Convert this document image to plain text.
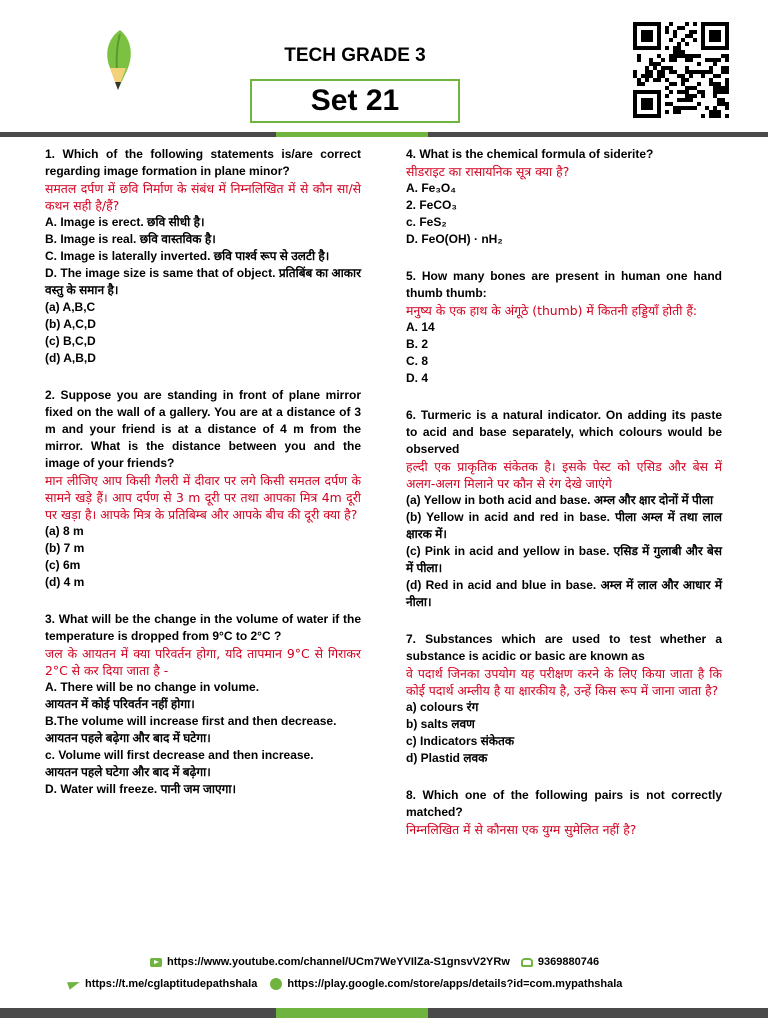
TECH GRADE 3
Set 21

1. Which of the following statements is/are correct regarding image formation in plane minor?

समतल दर्पण में छवि निर्माण के संबंध में निम्नलिखित में से कौन सा/से कथन सही है/हैं?

A. Image is erect. छवि सीधी है।

B. Image is real. छवि वास्तविक है।

C. Image is laterally inverted. छवि पार्श्व रूप से उलटी है।

D. The image size is same that of object. प्रतिबिंब का आकार वस्तु के समान है।

(a) A,B,C

(b) A,C,D

(c) B,C,D

(d) A,B,D

2. Suppose you are standing in front of plane mirror fixed on the wall of a gallery. You are at a distance of 3 m and your friend is at a distance of 4 m from the mirror. What is the distance between you and the image of your friends?

मान लीजिए आप किसी गैलरी में दीवार पर लगे किसी समतल दर्पण के सामने खड़े हैं। आप दर्पण से 3 m दूरी पर तथा आपका मित्र 4m दूरी पर खड़ा है। आपके मित्र के प्रतिबिम्ब और आपके बीच की दूरी क्या है?

(a) 8 m

(b) 7 m

(c) 6m

(d) 4 m

3. What will be the change in the volume of water if the temperature is dropped from 9°C to 2°C ?

जल के आयतन में क्या परिवर्तन होगा, यदि तापमान 9°C से गिराकर 2°C से कर दिया जाता है -

A. There will be no change in volume.

आयतन में कोई परिवर्तन नहीं होगा।

B.The volume will increase first and then decrease.

आयतन पहले बढ़ेगा और बाद में घटेगा।

c. Volume will first decrease and then increase.

आयतन पहले घटेगा और बाद में बढ़ेगा।

D. Water will freeze. पानी जम जाएगा।

4. What is the chemical formula of siderite?

सीडराइट का रासायनिक सूत्र क्या है?

A. Fe₃O₄

2. FeCO₃

c. FeS₂

D. FeO(OH) · nH₂

5. How many bones are present in human one hand thumb thumb:

मनुष्य के एक हाथ के अंगूठे (thumb) में कितनी हड्डियाँ होती हैं:

A. 14

B. 2

C. 8

D. 4

6. Turmeric is a natural indicator. On adding its paste to acid and base separately, which colours would be observed

हल्दी एक प्राकृतिक संकेतक है। इसके पेस्ट को एसिड और बेस में अलग-अलग मिलाने पर कौन से रंग देखे जाएंगे

(a) Yellow in both acid and base. अम्ल और क्षार दोनों में पीला

(b) Yellow in acid and red in base. पीला अम्ल में तथा लाल क्षारक में।

(c) Pink in acid and yellow in base. एसिड में गुलाबी और बेस में पीला।

(d) Red in acid and blue in base. अम्ल में लाल और आधार में नीला।

7. Substances which are used to test whether a substance is acidic or basic are known as

वे पदार्थ जिनका उपयोग यह परीक्षण करने के लिए किया जाता है कि कोई पदार्थ अम्लीय है या क्षारकीय है, उन्हें किस रूप में जाना जाता है?

a) colours रंग

b) salts लवण

c) Indicators संकेतक

d) Plastid लवक

8. Which one of the following pairs is not correctly matched?

निम्नलिखित में से कौनसा एक युग्म सुमेलित नहीं है?

https://www.youtube.com/channel/UCm7WeYVIlZa-S1gnsvV2YRw	9369880746
https://t.me/cglaptitudepathshala	https://play.google.com/store/apps/details?id=com.mypathshala
